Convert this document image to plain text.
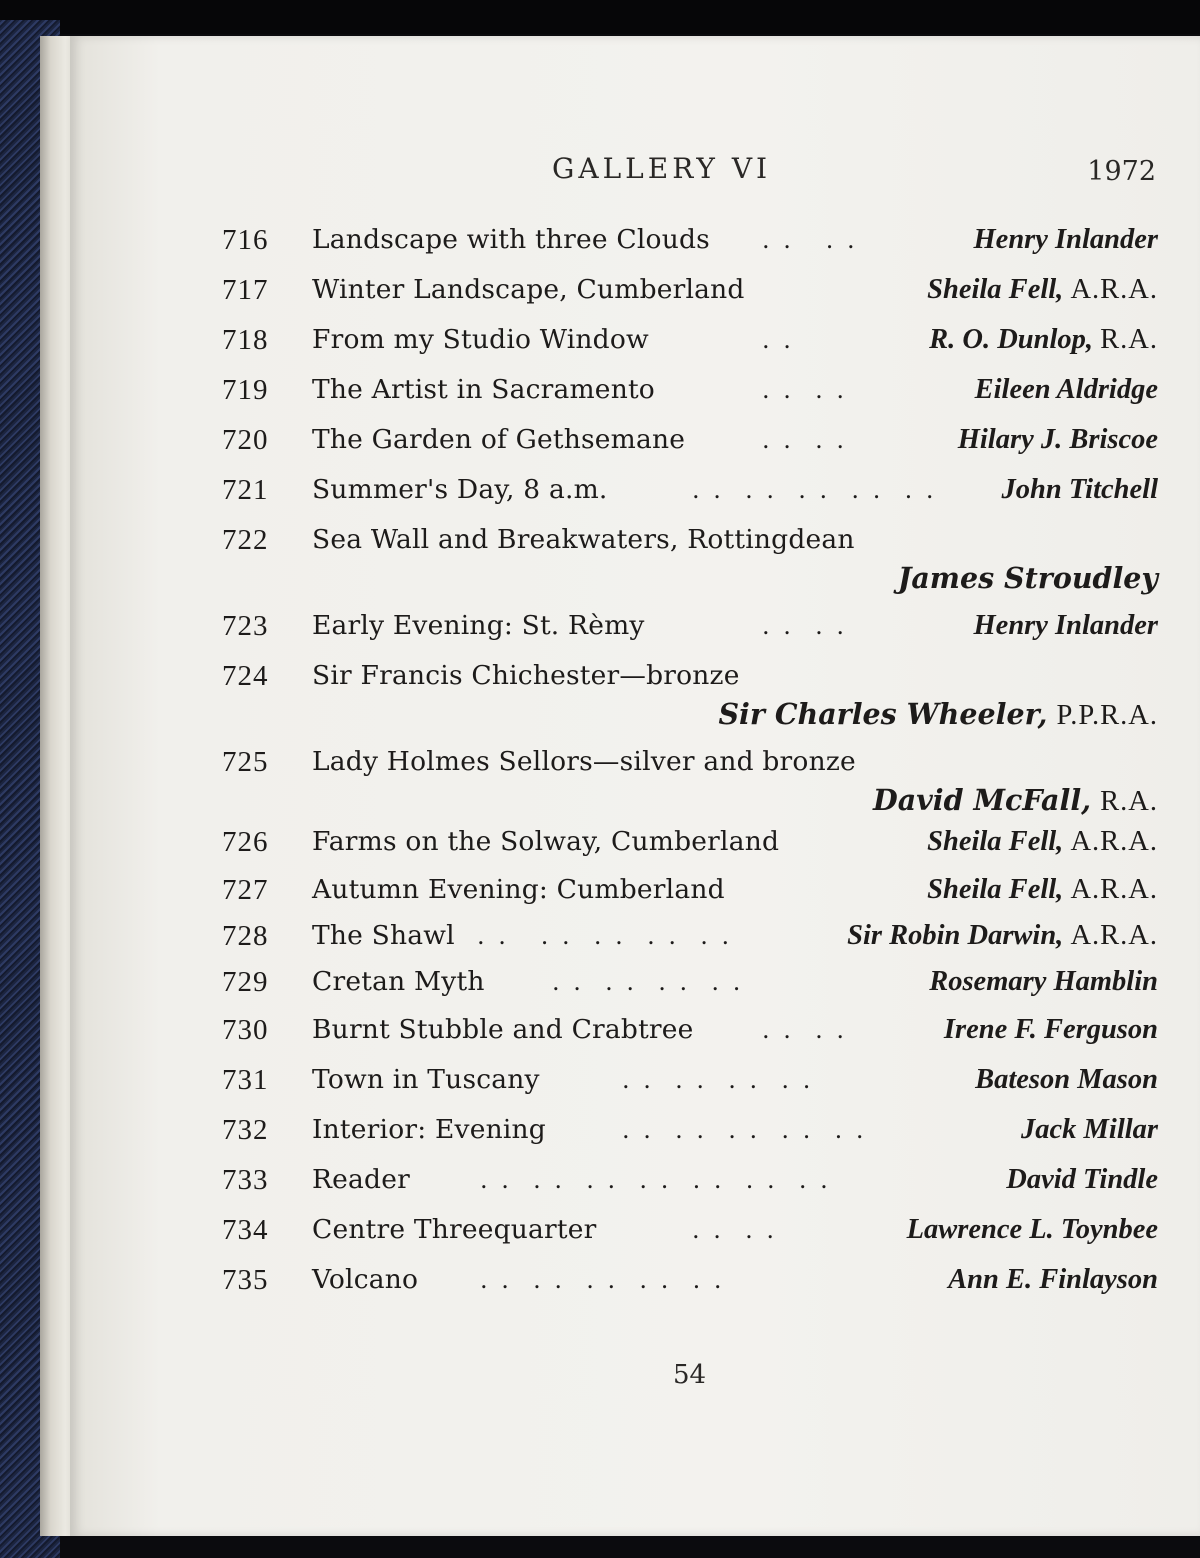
GALLERY VI	1972
716	Landscape with three Clouds . .   . .	Henry Inlander
717	Winter Landscape, Cumberland	Sheila Fell, A.R.A.
718	From my Studio Window	. .	R. O. Dunlop, R.A.
719	The Artist in Sacramento	. .  . .	Eileen Aldridge
720	The Garden of Gethsemane	. .  . .	Hilary J. Briscoe
721	Summer's Day, 8 a.m.	. .  . .  . .  . .  . . John Titchell
722	Sea Wall and Breakwaters, Rottingdean
James Stroudley
723	Early Evening: St. Rèmy	. .  . .	Henry Inlander
724	Sir Francis Chichester—bronze
Sir Charles Wheeler, P.P.R.A.
725	Lady Holmes Sellors—silver and bronze
David McFall, R.A.
726	Farms on the Solway, Cumberland	Sheila Fell, A.R.A.
727	Autumn Evening: Cumberland	Sheila Fell, A.R.A.
728	The Shawl . .   . .  . .  . .  . .	Sir Robin Darwin, A.R.A.
729	Cretan Myth	. .  . .  . .  . .	Rosemary Hamblin
730	Burnt Stubble and Crabtree	. .  . .	Irene F. Ferguson
731	Town in Tuscany	. .  . .  . .  . .	Bateson Mason
732	Interior: Evening	. .  . .  . .  . .  . .	Jack Millar
733	Reader	. .  . .  . .  . .  . .  . .  . .	David Tindle
734	Centre Threequarter	. .  . .	Lawrence L. Toynbee
735	Volcano	. .  . .  . .  . .  . .	Ann E. Finlayson
54
